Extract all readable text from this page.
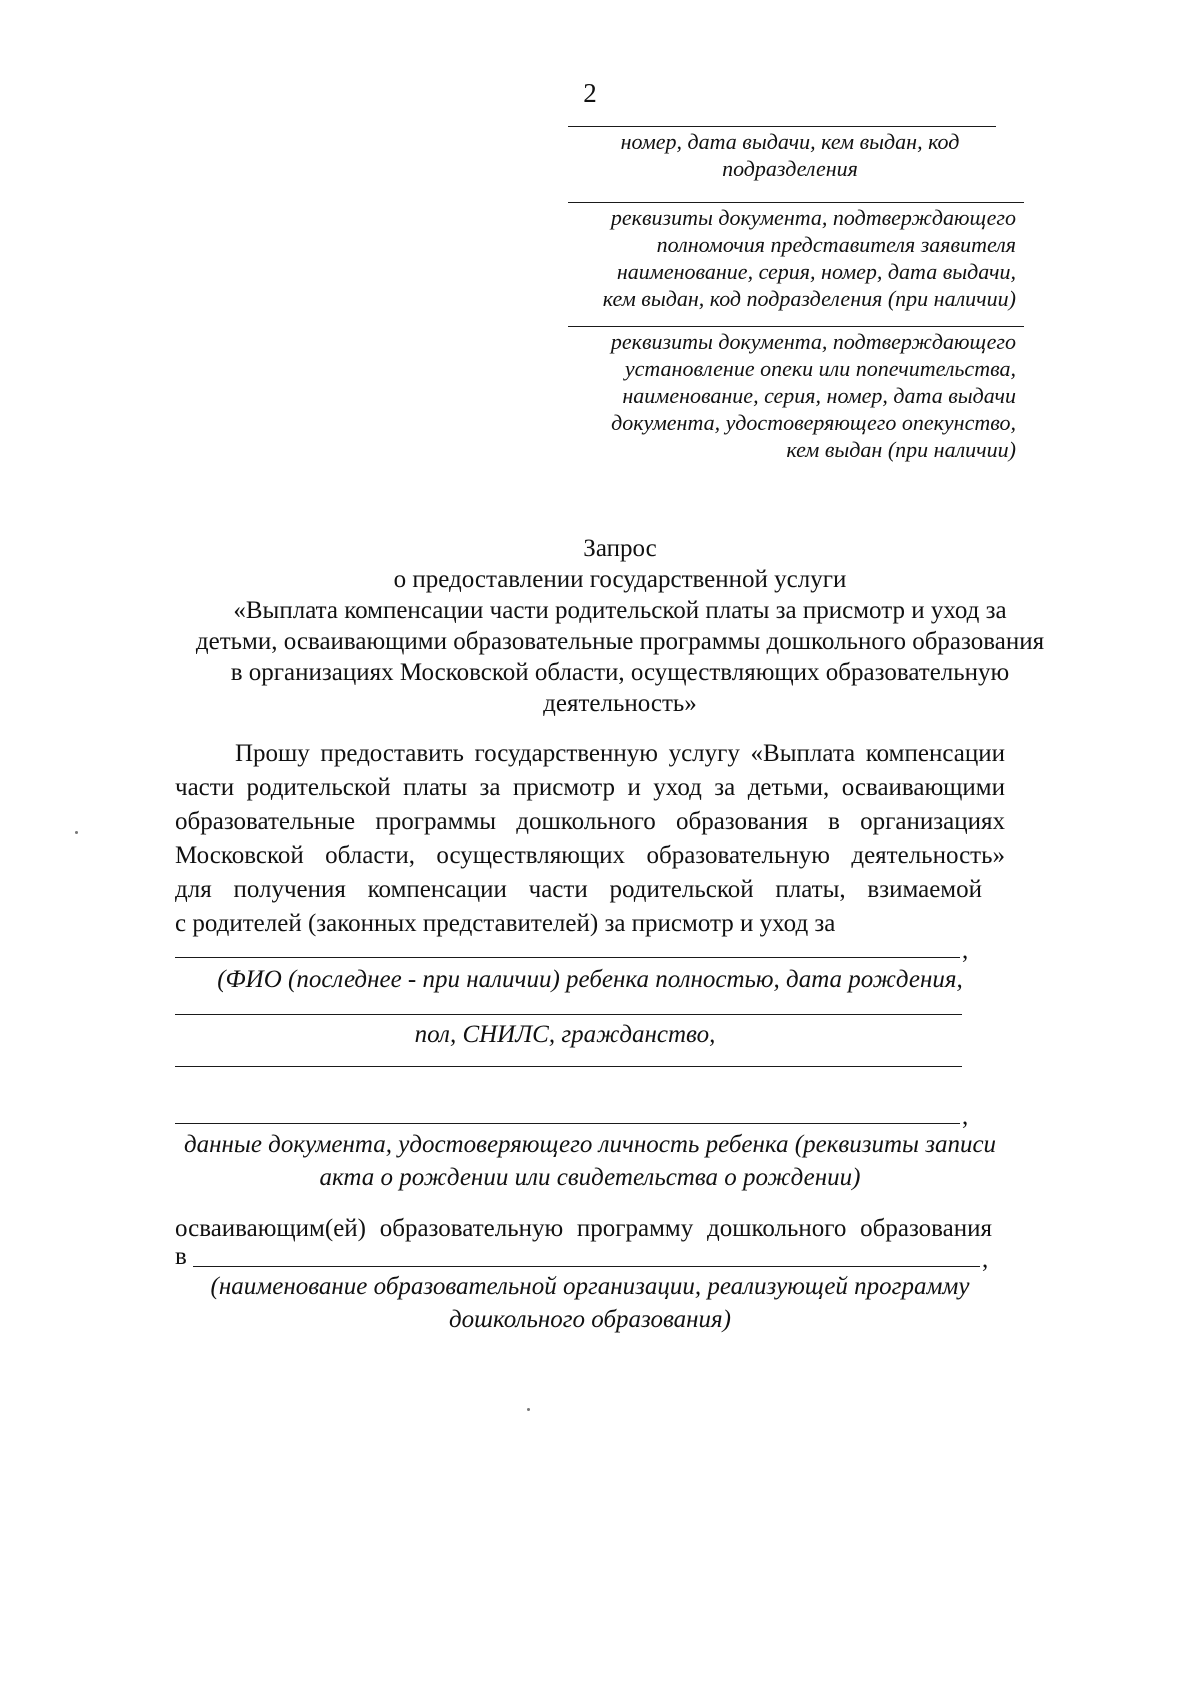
2
номер, дата выдачи, кем выдан, код подразделения
реквизиты документа, подтверждающего
полномочия представителя заявителя
наименование, серия, номер, дата выдачи,
кем выдан, код подразделения (при наличии)
реквизиты документа, подтверждающего
установление опеки или попечительства,
наименование, серия, номер, дата выдачи
документа, удостоверяющего опекунство,
кем выдан (при наличии)
Запрос
о предоставлении государственной услуги
«Выплата компенсации части родительской платы за присмотр и уход за детьми, осваивающими образовательные программы дошкольного образования в организациях Московской области, осуществляющих образовательную деятельность»
Прошу предоставить государственную услугу «Выплата компенсации
части родительской платы за присмотр и уход за детьми, осваивающими
образовательные программы дошкольного образования в организациях
Московской области, осуществляющих образовательную деятельность»
для получения компенсации части родительской платы, взимаемой
с родителей (законных представителей) за присмотр и уход за
,
(ФИО (последнее - при наличии) ребенка полностью, дата рождения,
пол, СНИЛС, гражданство,
,
данные документа, удостоверяющего личность ребенка (реквизиты записи акта о рождении или свидетельства о рождении)
осваивающим(ей) образовательную программу дошкольного образования
в	,
(наименование образовательной организации, реализующей программу дошкольного образования)
